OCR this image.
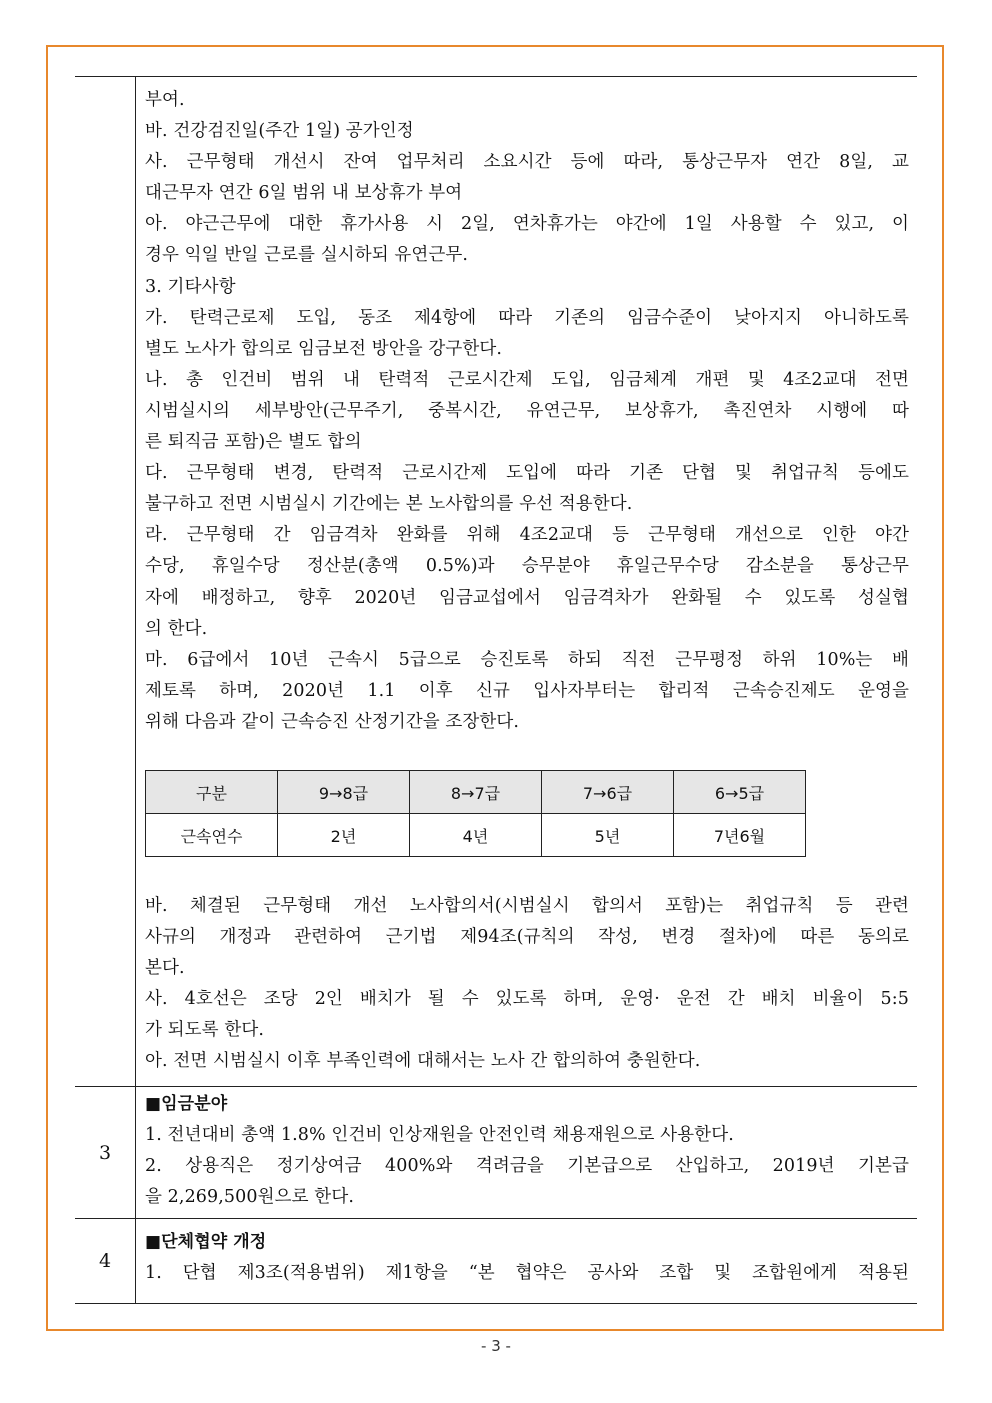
부여.
바. 건강검진일(주간 1일) 공가인정
사. 근무형태 개선시 잔여 업무처리 소요시간 등에 따라, 통상근무자 연간 8일, 교
대근무자 연간 6일 범위 내 보상휴가 부여
아. 야근근무에 대한 휴가사용 시 2일, 연차휴가는 야간에 1일 사용할 수 있고, 이
경우 익일 반일 근로를 실시하되 유연근무.
3. 기타사항
가. 탄력근로제 도입, 동조 제4항에 따라 기존의 임금수준이 낮아지지 아니하도록
별도 노사가 합의로 임금보전 방안을 강구한다.
나. 총 인건비 범위 내 탄력적 근로시간제 도입, 임금체계 개편 및 4조2교대 전면
시범실시의 세부방안(근무주기, 중복시간, 유연근무, 보상휴가, 촉진연차 시행에 따
른 퇴직금 포함)은 별도 합의
다. 근무형태 변경, 탄력적 근로시간제 도입에 따라 기존 단협 및 취업규칙 등에도
불구하고 전면 시범실시 기간에는 본 노사합의를 우선 적용한다.
라. 근무형태 간 임금격차 완화를 위해 4조2교대 등 근무형태 개선으로 인한 야간
수당, 휴일수당 정산분(총액 0.5%)과 승무분야 휴일근무수당 감소분을 통상근무
자에 배정하고, 향후 2020년 임금교섭에서 임금격차가 완화될 수 있도록 성실협
의 한다.
마. 6급에서 10년 근속시 5급으로 승진토록 하되 직전 근무평정 하위 10%는 배
제토록 하며, 2020년 1.1 이후 신규 입사자부터는 합리적 근속승진제도 운영을
위해 다음과 같이 근속승진 산정기간을 조장한다.
바. 체결된 근무형태 개선 노사합의서(시범실시 합의서 포함)는 취업규칙 등 관련
사규의 개정과 관련하여 근기법 제94조(규칙의 작성, 변경 절차)에 따른 동의로
본다.
사. 4호선은 조당 2인 배치가 될 수 있도록 하며, 운영· 운전 간 배치 비율이 5:5
가 되도록 한다.
아. 전면 시범실시 이후 부족인력에 대해서는 노사 간 합의하여 충원한다.
3
■임금분야
1. 전년대비 총액 1.8% 인건비 인상재원을 안전인력 채용재원으로 사용한다.
2. 상용직은 정기상여금 400%와 격려금을 기본급으로 산입하고, 2019년 기본급
을 2,269,500원으로 한다.
4
■단체협약 개정
1. 단협 제3조(적용범위) 제1항을 “본 협약은 공사와 조합 및 조합원에게 적용된
구분	9→8급	8→7급	7→6급	6→5급
근속연수	2년	4년	5년	7년6월
- 3 -
